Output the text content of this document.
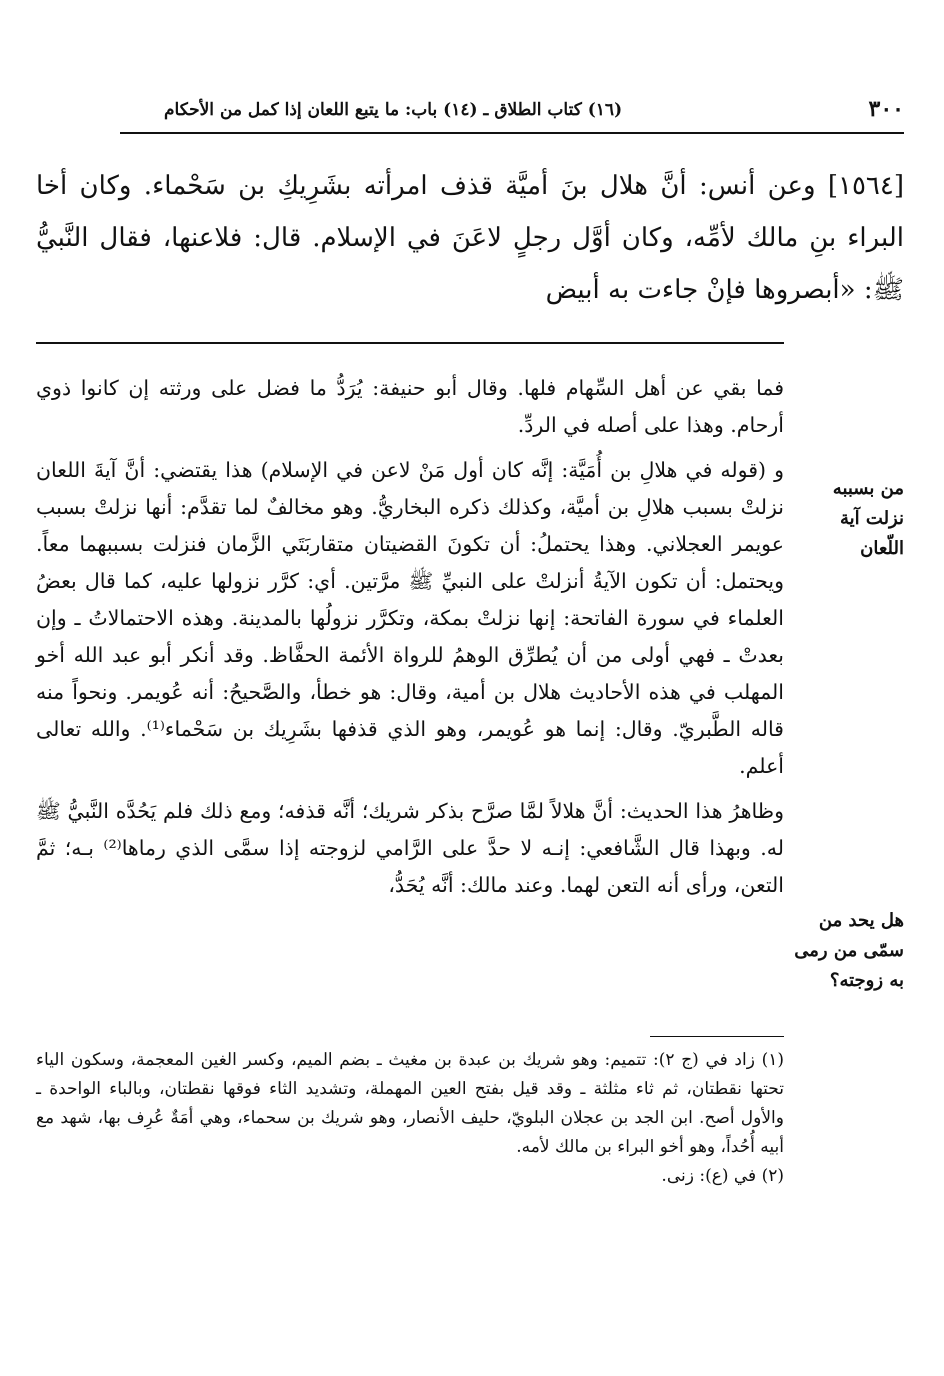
٣٠٠
(١٦) كتاب الطلاق ـ (١٤) باب: ما يتبع اللعان إذا كمل من الأحكام

[١٥٦٤] وعن أنس: أنَّ هلال بنَ أميَّة قذف امرأته بشَرِيكِ بن سَحْماء. وكان أخا البراء بنِ مالك لأمِّه، وكان أوَّل رجلٍ لاعَنَ في الإسلام. قال: فلاعنها، فقال النَّبيُّ ﷺ: «أبصروها فإنْ جاءت به أبيض

من بسببه نزلت آية اللّعان
هل يحد من سمّى من رمى به زوجته؟

فما بقي عن أهل السِّهام فلها. وقال أبو حنيفة: يُرَدُّ ما فضل على ورثته إن كانوا ذوي أرحام. وهذا على أصله في الردِّ.

و (قوله في هلالِ بن أُمَيَّة: إنَّه كان أول مَنْ لاعن في الإسلام) هذا يقتضي: أنَّ آيةَ اللعان نزلتْ بسبب هلالِ بن أميَّة، وكذلك ذكره البخاريُّ. وهو مخالفٌ لما تقدَّم: أنها نزلتْ بسبب عويمر العجلاني. وهذا يحتملُ: أن تكونَ القضيتان متقاربَتَي الزَّمان فنزلت بسببهما معاً. ويحتمل: أن تكون الآيةُ أنزلتْ على النبيِّ ﷺ مرَّتين. أي: كرَّر نزولها عليه، كما قال بعضُ العلماء في سورة الفاتحة: إنها نزلتْ بمكة، وتكرَّر نزولُها بالمدينة. وهذه الاحتمالاتُ ـ وإن بعدتْ ـ فهي أولى من أن يُطرِّق الوهمُ للرواة الأئمة الحفَّاظ. وقد أنكر أبو عبد الله أخو المهلب في هذه الأحاديث هلال بن أمية، وقال: هو خطأ، والصَّحيحُ: أنه عُويمر. ونحواً منه قاله الطَّبريّ. وقال: إنما هو عُويمر، وهو الذي قذفها بشَرِيك بن سَحْماء⁽¹⁾. والله تعالى أعلم.

وظاهرُ هذا الحديث: أنَّ هلالاً لمَّا صرَّح بذكر شريك؛ أنَّه قذفه؛ ومع ذلك فلم يَحُدَّه النَّبيُّ ﷺ له. وبهذا قال الشَّافعي: إنـه لا حدَّ على الرَّامي لزوجته إذا سمَّى الذي رماها⁽²⁾ بـه؛ ثمَّ التعن، ورأى أنه التعن لهما. وعند مالك: أنَّه يُحَدُّ،

(١) زاد في (ج ٢): تتميم: وهو شريك بن عبدة بن مغيث ـ بضم الميم، وكسر الغين المعجمة، وسكون الياء تحتها نقطتان، ثم ثاء مثلثة ـ وقد قيل بفتح العين المهملة، وتشديد الثاء فوقها نقطتان، وبالباء الواحدة ـ والأول أصح. ابن الجد بن عجلان البلويّ، حليف الأنصار، وهو شريك بن سحماء، وهي أمَةٌ عُرِف بها، شهد مع أبيه أُحُداً، وهو أخو البراء بن مالك لأمه.

(٢) في (ع): زنى.
